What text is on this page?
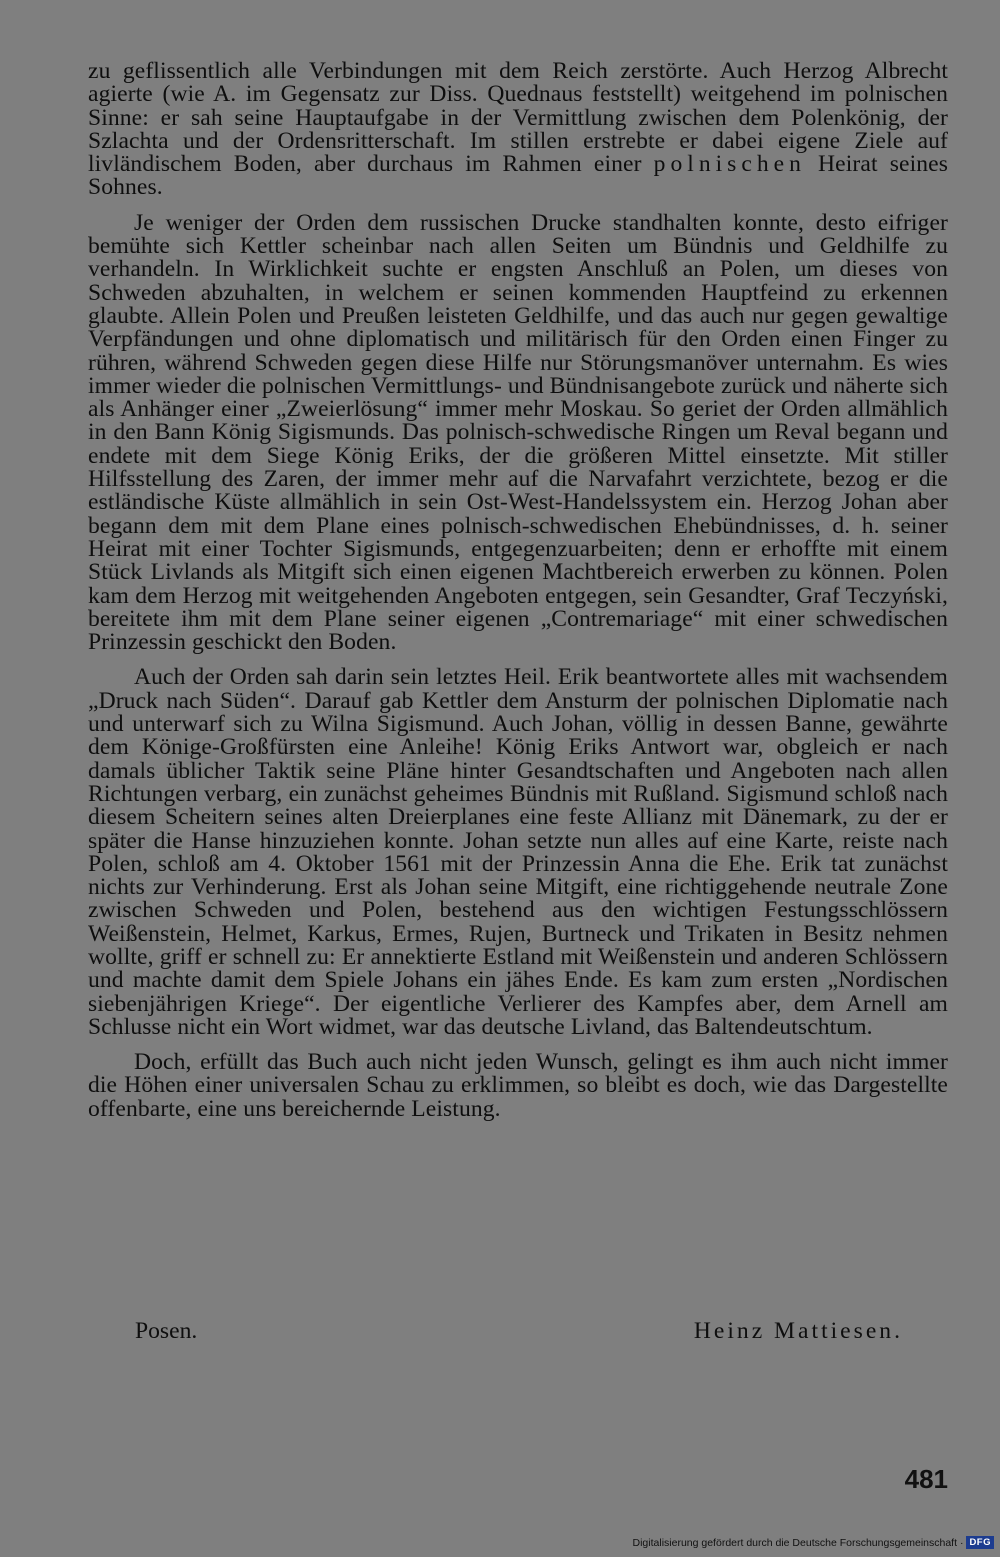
zu geflissentlich alle Verbindungen mit dem Reich zerstörte. Auch Herzog Albrecht agierte (wie A. im Gegensatz zur Diss. Quednaus feststellt) weitgehend im polnischen Sinne: er sah seine Hauptaufgabe in der Vermittlung zwischen dem Polenkönig, der Szlachta und der Ordensritterschaft. Im stillen erstrebte er dabei eigene Ziele auf livländischem Boden, aber durchaus im Rahmen einer polnischen Heirat seines Sohnes.

Je weniger der Orden dem russischen Drucke standhalten konnte, desto eifriger bemühte sich Kettler scheinbar nach allen Seiten um Bündnis und Geldhilfe zu verhandeln. In Wirklichkeit suchte er engsten Anschluß an Polen, um dieses von Schweden abzuhalten, in welchem er seinen kommenden Hauptfeind zu erkennen glaubte. Allein Polen und Preußen leisteten Geldhilfe, und das auch nur gegen gewaltige Verpfändungen und ohne diplomatisch und militärisch für den Orden einen Finger zu rühren, während Schweden gegen diese Hilfe nur Störungsmanöver unternahm. Es wies immer wieder die polnischen Vermittlungs- und Bündnisangebote zurück und näherte sich als Anhänger einer „Zweierlösung“ immer mehr Moskau. So geriet der Orden allmählich in den Bann König Sigismunds. Das polnisch-schwedische Ringen um Reval begann und endete mit dem Siege König Eriks, der die größeren Mittel einsetzte. Mit stiller Hilfsstellung des Zaren, der immer mehr auf die Narvafahrt verzichtete, bezog er die estländische Küste allmählich in sein Ost-West-Handelssystem ein. Herzog Johan aber begann dem mit dem Plane eines polnisch-schwedischen Ehebündnisses, d. h. seiner Heirat mit einer Tochter Sigismunds, entgegenzuarbeiten; denn er erhoffte mit einem Stück Livlands als Mitgift sich einen eigenen Machtbereich erwerben zu können. Polen kam dem Herzog mit weitgehenden Angeboten entgegen, sein Gesandter, Graf Teczyński, bereitete ihm mit dem Plane seiner eigenen „Contremariage“ mit einer schwedischen Prinzessin geschickt den Boden.

Auch der Orden sah darin sein letztes Heil. Erik beantwortete alles mit wachsendem „Druck nach Süden“. Darauf gab Kettler dem Ansturm der polnischen Diplomatie nach und unterwarf sich zu Wilna Sigismund. Auch Johan, völlig in dessen Banne, gewährte dem Könige-Großfürsten eine Anleihe! König Eriks Antwort war, obgleich er nach damals üblicher Taktik seine Pläne hinter Gesandtschaften und Angeboten nach allen Richtungen verbarg, ein zunächst geheimes Bündnis mit Rußland. Sigismund schloß nach diesem Scheitern seines alten Dreierplanes eine feste Allianz mit Dänemark, zu der er später die Hanse hinzuziehen konnte. Johan setzte nun alles auf eine Karte, reiste nach Polen, schloß am 4. Oktober 1561 mit der Prinzessin Anna die Ehe. Erik tat zunächst nichts zur Verhinderung. Erst als Johan seine Mitgift, eine richtiggehende neutrale Zone zwischen Schweden und Polen, bestehend aus den wichtigen Festungsschlössern Weißenstein, Helmet, Karkus, Ermes, Rujen, Burtneck und Trikaten in Besitz nehmen wollte, griff er schnell zu: Er annektierte Estland mit Weißenstein und anderen Schlössern und machte damit dem Spiele Johans ein jähes Ende. Es kam zum ersten „Nordischen siebenjährigen Kriege“. Der eigentliche Verlierer des Kampfes aber, dem Arnell am Schlusse nicht ein Wort widmet, war das deutsche Livland, das Baltendeutschtum.

Doch, erfüllt das Buch auch nicht jeden Wunsch, gelingt es ihm auch nicht immer die Höhen einer universalen Schau zu erklimmen, so bleibt es doch, wie das Dargestellte offenbarte, eine uns bereichernde Leistung.

Posen.	Heinz Mattiesen.
481
Digitalisierung gefördert durch die Deutsche Forschungsgemeinschaft · DFG
